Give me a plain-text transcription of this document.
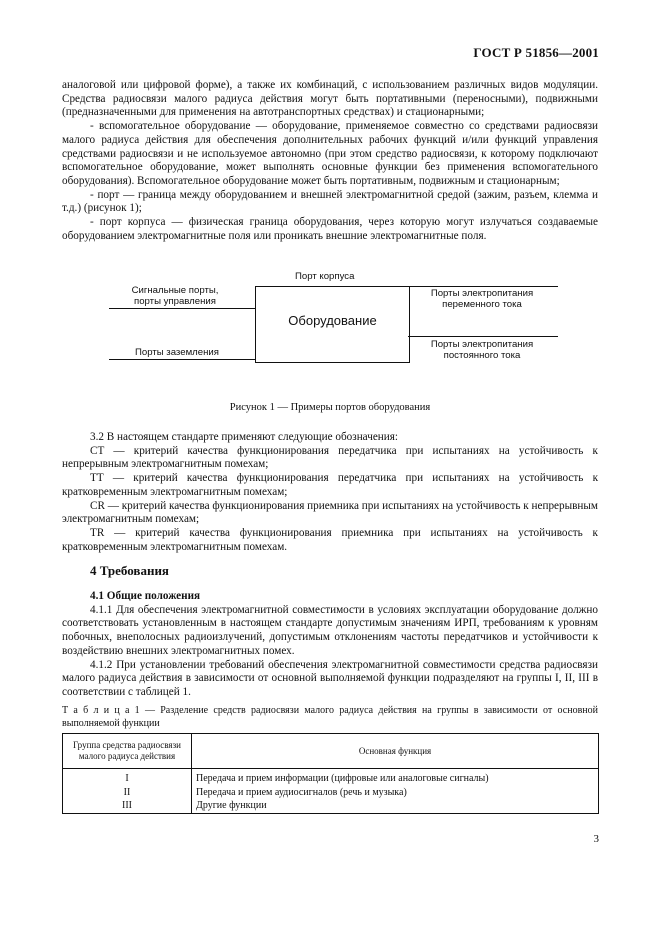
ГОСТ Р 51856—2001

аналоговой или цифровой форме), а также их комбинаций, с использованием различных видов модуляции. Средства радиосвязи малого радиуса действия могут быть портативными (переносными), подвижными (предназначенными для применения на автотранспортных средствах) и стационарными;

- вспомогательное оборудование — оборудование, применяемое совместно со средствами радиосвязи малого радиуса действия для обеспечения дополнительных рабочих функций и/или функций управления средствами радиосвязи и не используемое автономно (при этом средство радиосвязи, к которому подключают вспомогательное оборудование, может выполнять основные функции без применения вспомогательного оборудования). Вспомогательное оборудование может быть портативным, подвижным и стационарным;

- порт — граница между оборудованием и внешней электромагнитной средой (зажим, разъем, клемма и т.д.) (рисунок 1);

- порт корпуса — физическая граница оборудования, через которую могут излучаться создаваемые оборудованием электромагнитные поля или проникать внешние электромагнитные поля.

Порт корпуса
Оборудование
Сигнальные порты,
порты управления
Порты заземления
Порты электропитания
переменного тока
Порты электропитания
постоянного тока
Рисунок 1 — Примеры портов оборудования

3.2 В настоящем стандарте применяют следующие обозначения:

СТ — критерий качества функционирования передатчика при испытаниях на устойчивость к непрерывным электромагнитным помехам;

ТТ — критерий качества функционирования передатчика при испытаниях на устойчивость к кратковременным электромагнитным помехам;

CR — критерий качества функционирования приемника при испытаниях на устойчивость к непрерывным электромагнитным помехам;

TR — критерий качества функционирования приемника при испытаниях на устойчивость к кратковременным электромагнитным помехам.

4 Требования

4.1 Общие положения

4.1.1 Для обеспечения электромагнитной совместимости в условиях эксплуатации оборудование должно соответствовать установленным в настоящем стандарте допустимым значениям ИРП, требованиям к уровням побочных, внеполосных радиоизлучений, допустимым отклонениям частоты передатчиков и устойчивости к воздействию внешних электромагнитных помех.

4.1.2 При установлении требований обеспечения электромагнитной совместимости средства радиосвязи малого радиуса действия в зависимости от основной выполняемой функции подразделяют на группы I, II, III в соответствии с таблицей 1.

Т а б л и ц а 1 — Разделение средств радиосвязи малого радиуса действия на группы в зависимости от основной выполняемой функции
Группа средства радиосвязи малого радиуса действия	Основная функция
I	Передача и прием информации (цифровые или аналоговые сигналы)
II	Передача и прием аудиосигналов (речь и музыка)
III	Другие функции
3
